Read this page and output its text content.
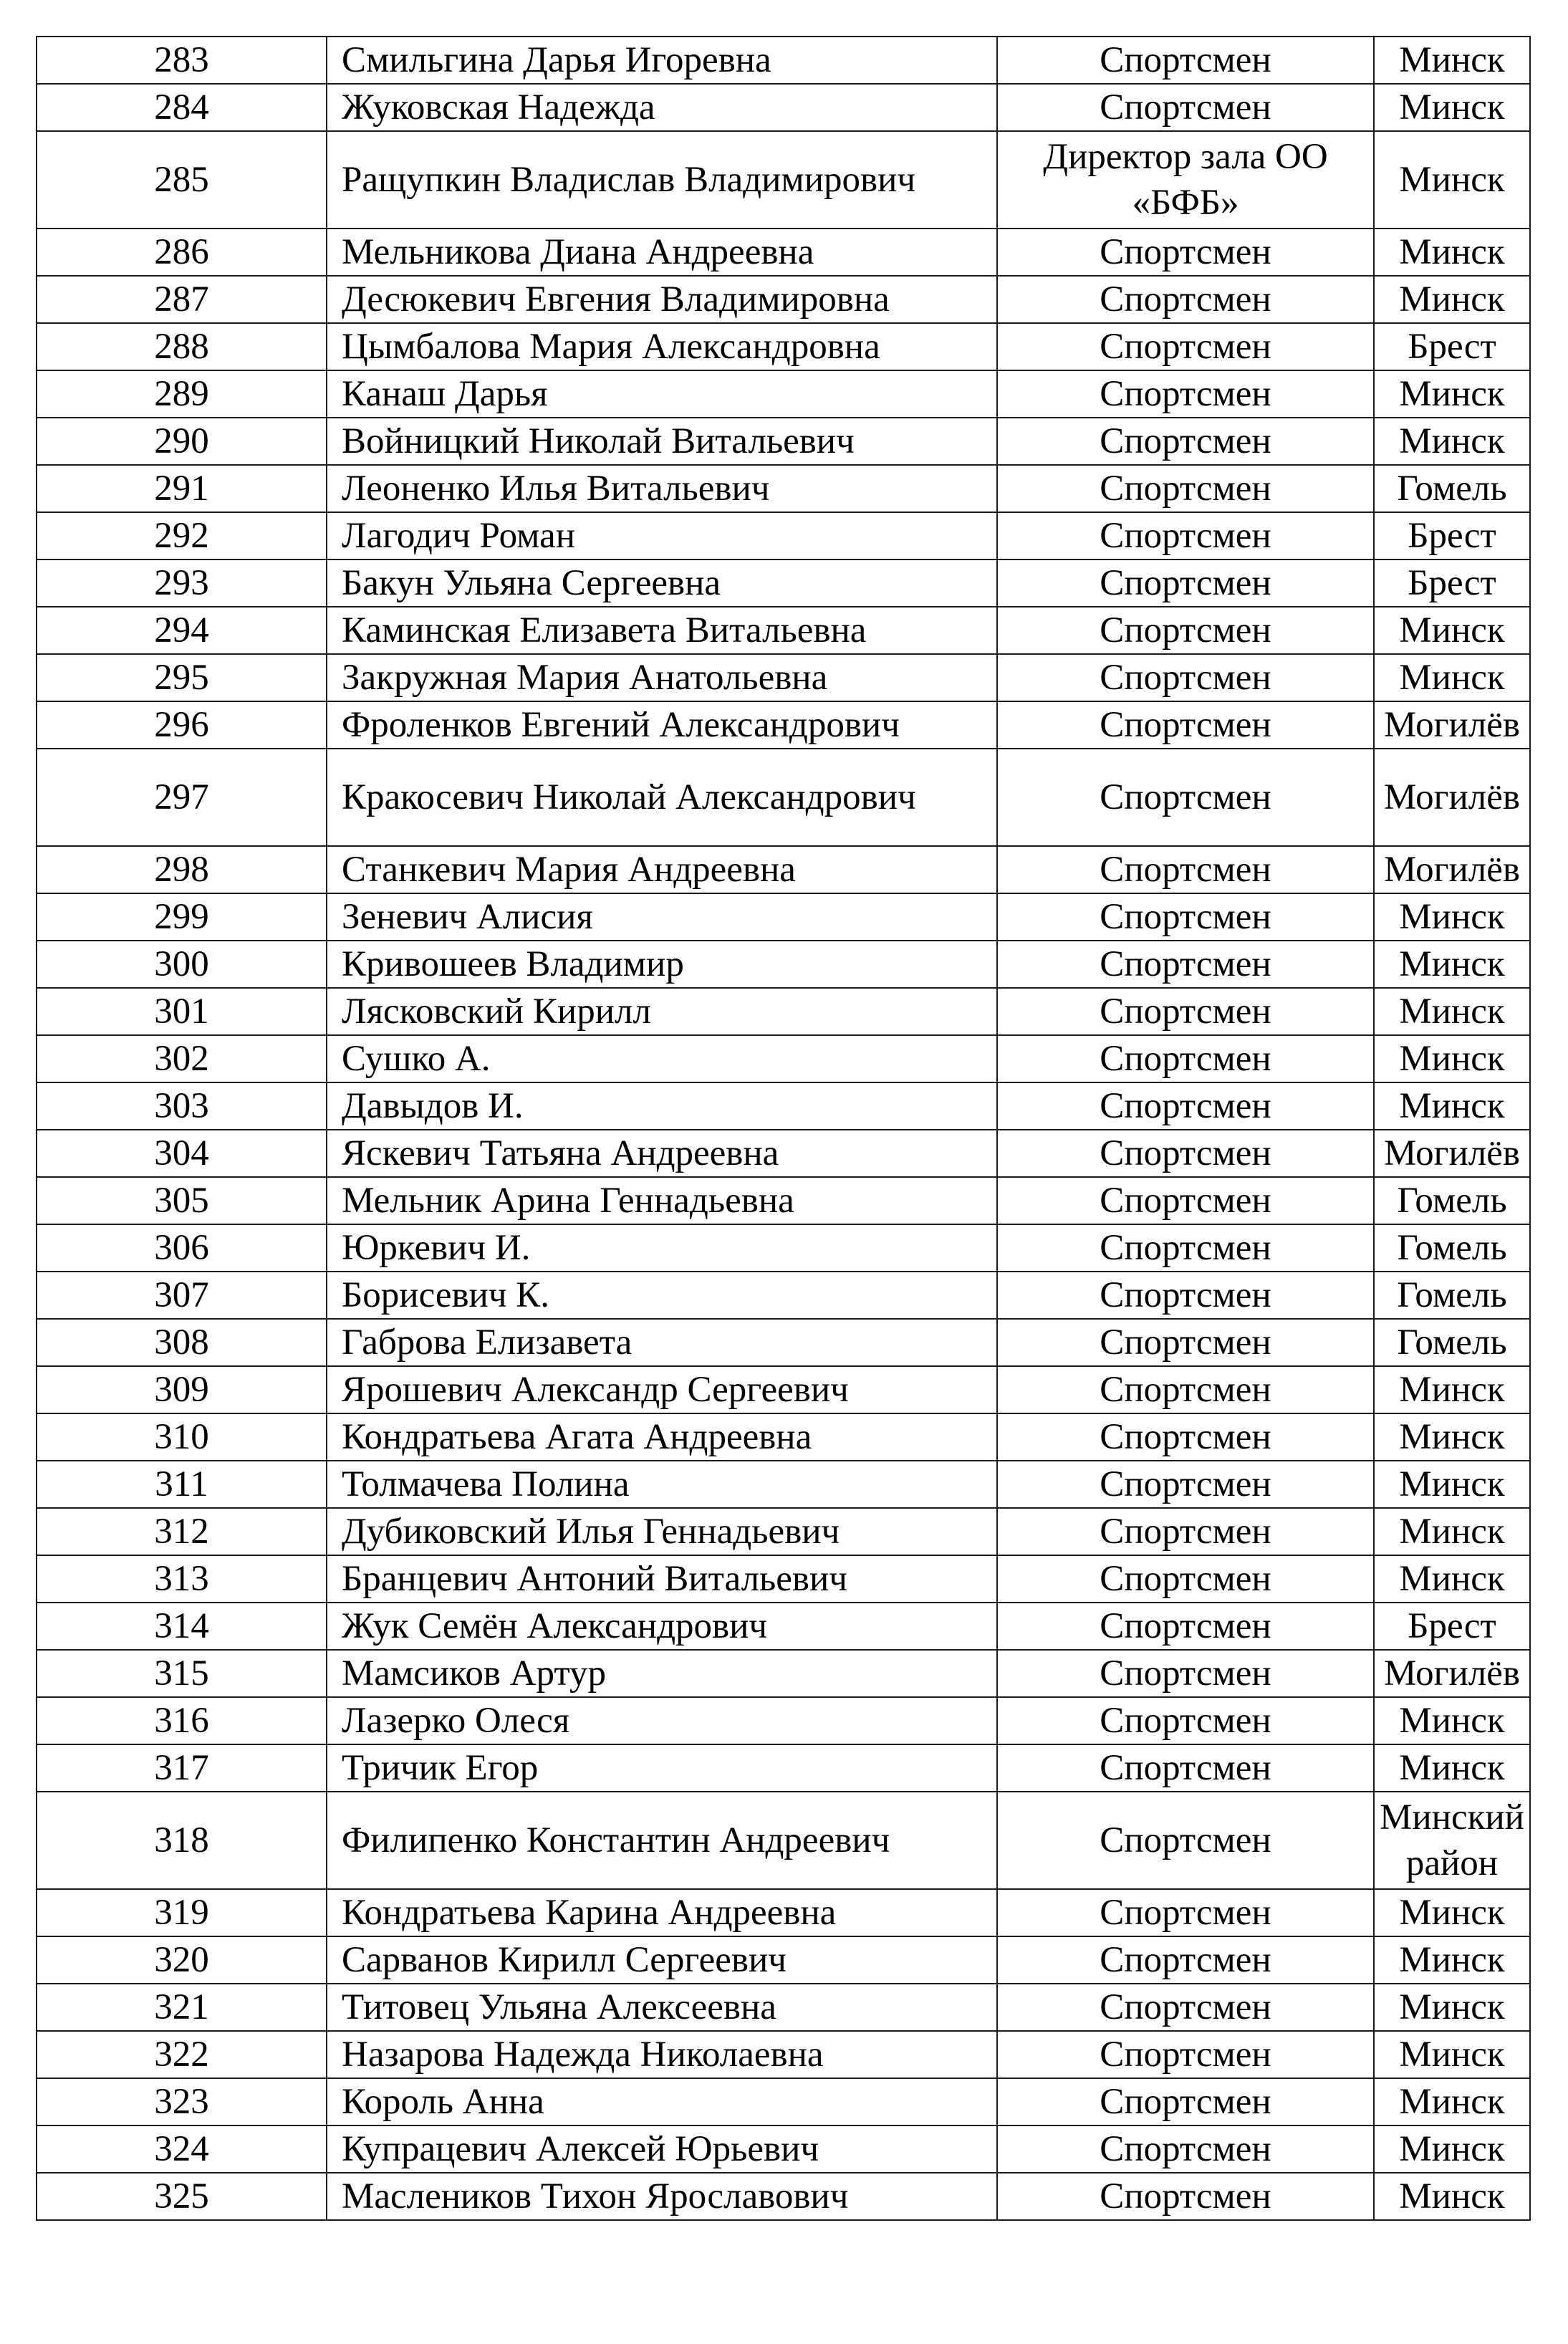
283	Смильгина Дарья Игоревна	Спортсмен	Минск
284	Жуковская Надежда	Спортсмен	Минск
285	Ращупкин Владислав Владимирович	Директор зала ОО «БФБ»	Минск
286	Мельникова Диана Андреевна	Спортсмен	Минск
287	Десюкевич Евгения Владимировна	Спортсмен	Минск
288	Цымбалова Мария Александровна	Спортсмен	Брест
289	Канаш Дарья	Спортсмен	Минск
290	Войницкий Николай Витальевич	Спортсмен	Минск
291	Леоненко Илья Витальевич	Спортсмен	Гомель
292	Лагодич Роман	Спортсмен	Брест
293	Бакун Ульяна Сергеевна	Спортсмен	Брест
294	Каминская Елизавета Витальевна	Спортсмен	Минск
295	Закружная Мария Анатольевна	Спортсмен	Минск
296	Фроленков Евгений Александрович	Спортсмен	Могилёв
297	Кракосевич Николай Александрович	Спортсмен	Могилёв
298	Станкевич Мария Андреевна	Спортсмен	Могилёв
299	Зеневич Алисия	Спортсмен	Минск
300	Кривошеев Владимир	Спортсмен	Минск
301	Лясковский Кирилл	Спортсмен	Минск
302	Сушко А.	Спортсмен	Минск
303	Давыдов И.	Спортсмен	Минск
304	Яскевич Татьяна Андреевна	Спортсмен	Могилёв
305	Мельник Арина Геннадьевна	Спортсмен	Гомель
306	Юркевич И.	Спортсмен	Гомель
307	Борисевич К.	Спортсмен	Гомель
308	Габрова Елизавета	Спортсмен	Гомель
309	Ярошевич Александр Сергеевич	Спортсмен	Минск
310	Кондратьева Агата Андреевна	Спортсмен	Минск
311	Толмачева Полина	Спортсмен	Минск
312	Дубиковский Илья Геннадьевич	Спортсмен	Минск
313	Бранцевич Антоний Витальевич	Спортсмен	Минск
314	Жук Семён Александрович	Спортсмен	Брест
315	Мамсиков Артур	Спортсмен	Могилёв
316	Лазерко Олеся	Спортсмен	Минск
317	Тричик Егор	Спортсмен	Минск
318	Филипенко Константин Андреевич	Спортсмен	Минский район
319	Кондратьева Карина Андреевна	Спортсмен	Минск
320	Сарванов Кирилл Сергеевич	Спортсмен	Минск
321	Титовец Ульяна Алексеевна	Спортсмен	Минск
322	Назарова Надежда Николаевна	Спортсмен	Минск
323	Король Анна	Спортсмен	Минск
324	Купрацевич Алексей Юрьевич	Спортсмен	Минск
325	Маслеников Тихон Ярославович	Спортсмен	Минск
